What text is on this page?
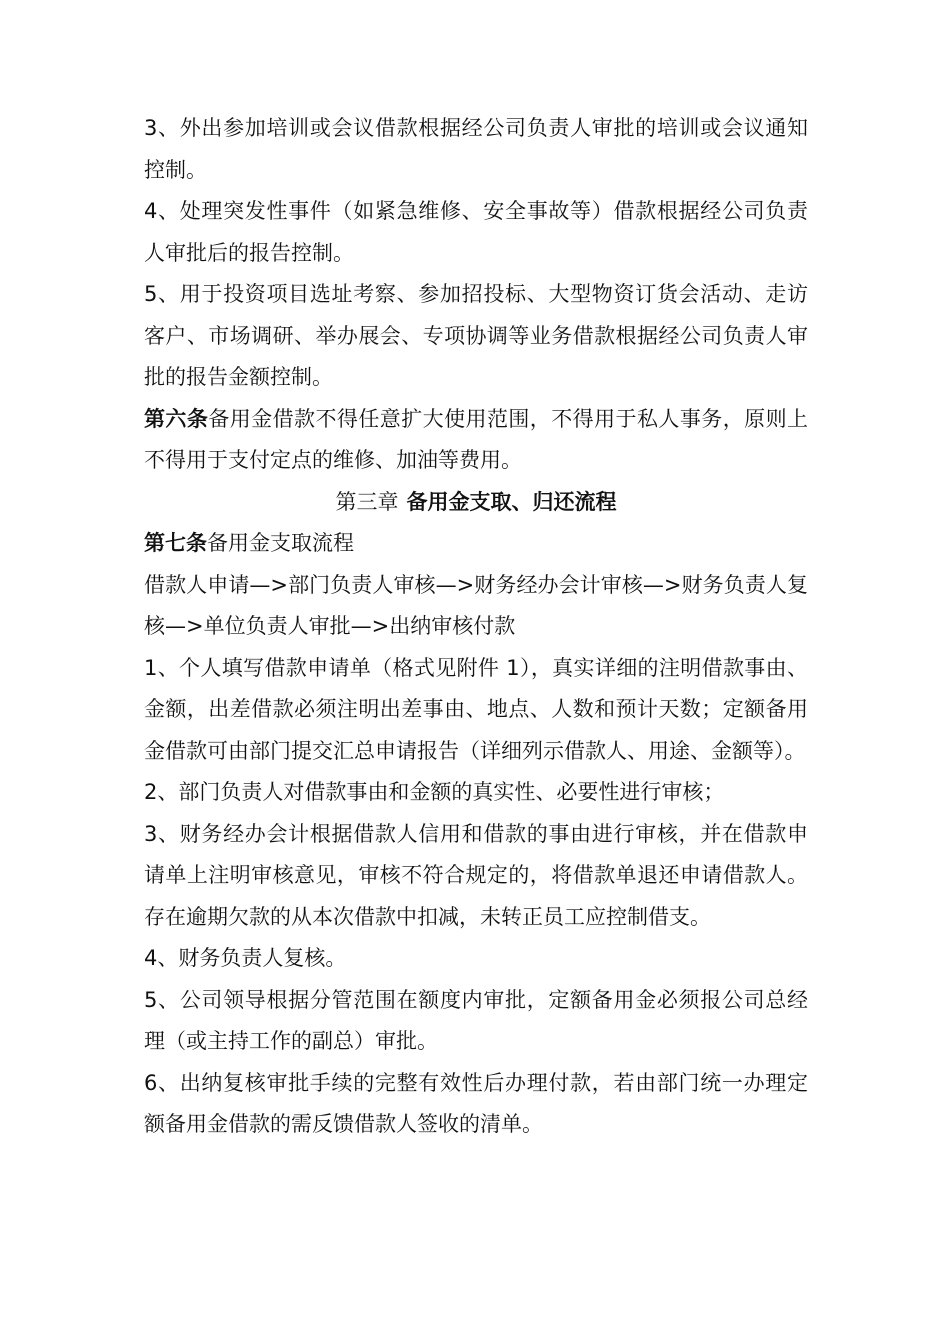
3、外出参加培训或会议借款根据经公司负责人审批的培训或会议通知控制。

4、处理突发性事件（如紧急维修、安全事故等）借款根据经公司负责人审批后的报告控制。

5、用于投资项目选址考察、参加招投标、大型物资订货会活动、走访客户、市场调研、举办展会、专项协调等业务借款根据经公司负责人审批的报告金额控制。

第六条备用金借款不得任意扩大使用范围，不得用于私人事务，原则上不得用于支付定点的维修、加油等费用。

第三章 备用金支取、归还流程

第七条备用金支取流程

借款人申请—>部门负责人审核—>财务经办会计审核—>财务负责人复核—>单位负责人审批—>出纳审核付款

1、个人填写借款申请单（格式见附件 1），真实详细的注明借款事由、金额，出差借款必须注明出差事由、地点、人数和预计天数；定额备用金借款可由部门提交汇总申请报告（详细列示借款人、用途、金额等）。

2、部门负责人对借款事由和金额的真实性、必要性进行审核；

3、财务经办会计根据借款人信用和借款的事由进行审核，并在借款申请单上注明审核意见，审核不符合规定的，将借款单退还申请借款人。存在逾期欠款的从本次借款中扣减，未转正员工应控制借支。

4、财务负责人复核。

5、公司领导根据分管范围在额度内审批，定额备用金必须报公司总经理（或主持工作的副总）审批。

6、出纳复核审批手续的完整有效性后办理付款，若由部门统一办理定额备用金借款的需反馈借款人签收的清单。
